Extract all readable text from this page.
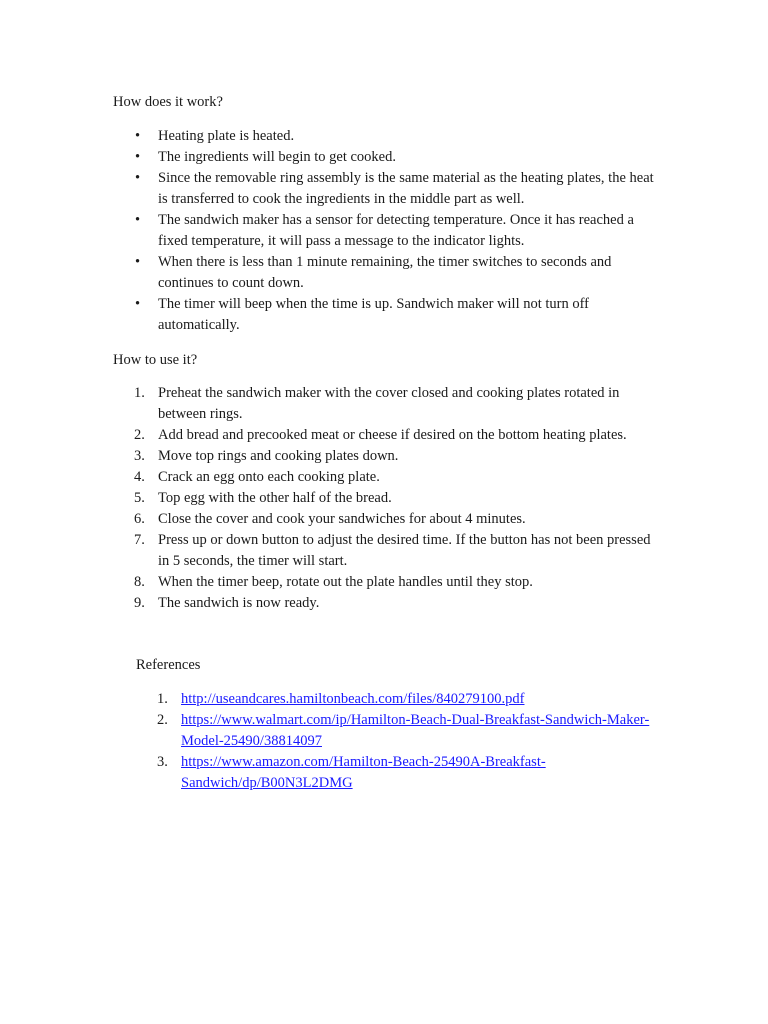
How does it work?
• Heating plate is heated.
• The ingredients will begin to get cooked.
• Since the removable ring assembly is the same material as the heating plates, the heat is transferred to cook the ingredients in the middle part as well.
• The sandwich maker has a sensor for detecting temperature. Once it has reached a fixed temperature, it will pass a message to the indicator lights.
• When there is less than 1 minute remaining, the timer switches to seconds and continues to count down.
• The timer will beep when the time is up. Sandwich maker will not turn off automatically.
How to use it?
1. Preheat the sandwich maker with the cover closed and cooking plates rotated in between rings.
2. Add bread and precooked meat or cheese if desired on the bottom heating plates.
3. Move top rings and cooking plates down.
4. Crack an egg onto each cooking plate.
5. Top egg with the other half of the bread.
6. Close the cover and cook your sandwiches for about 4 minutes.
7. Press up or down button to adjust the desired time. If the button has not been pressed in 5 seconds, the timer will start.
8. When the timer beep, rotate out the plate handles until they stop.
9. The sandwich is now ready.
References
1. http://useandcares.hamiltonbeach.com/files/840279100.pdf
2. https://www.walmart.com/ip/Hamilton-Beach-Dual-Breakfast-Sandwich-Maker-Model-25490/38814097
3. https://www.amazon.com/Hamilton-Beach-25490A-Breakfast-Sandwich/dp/B00N3L2DMG
